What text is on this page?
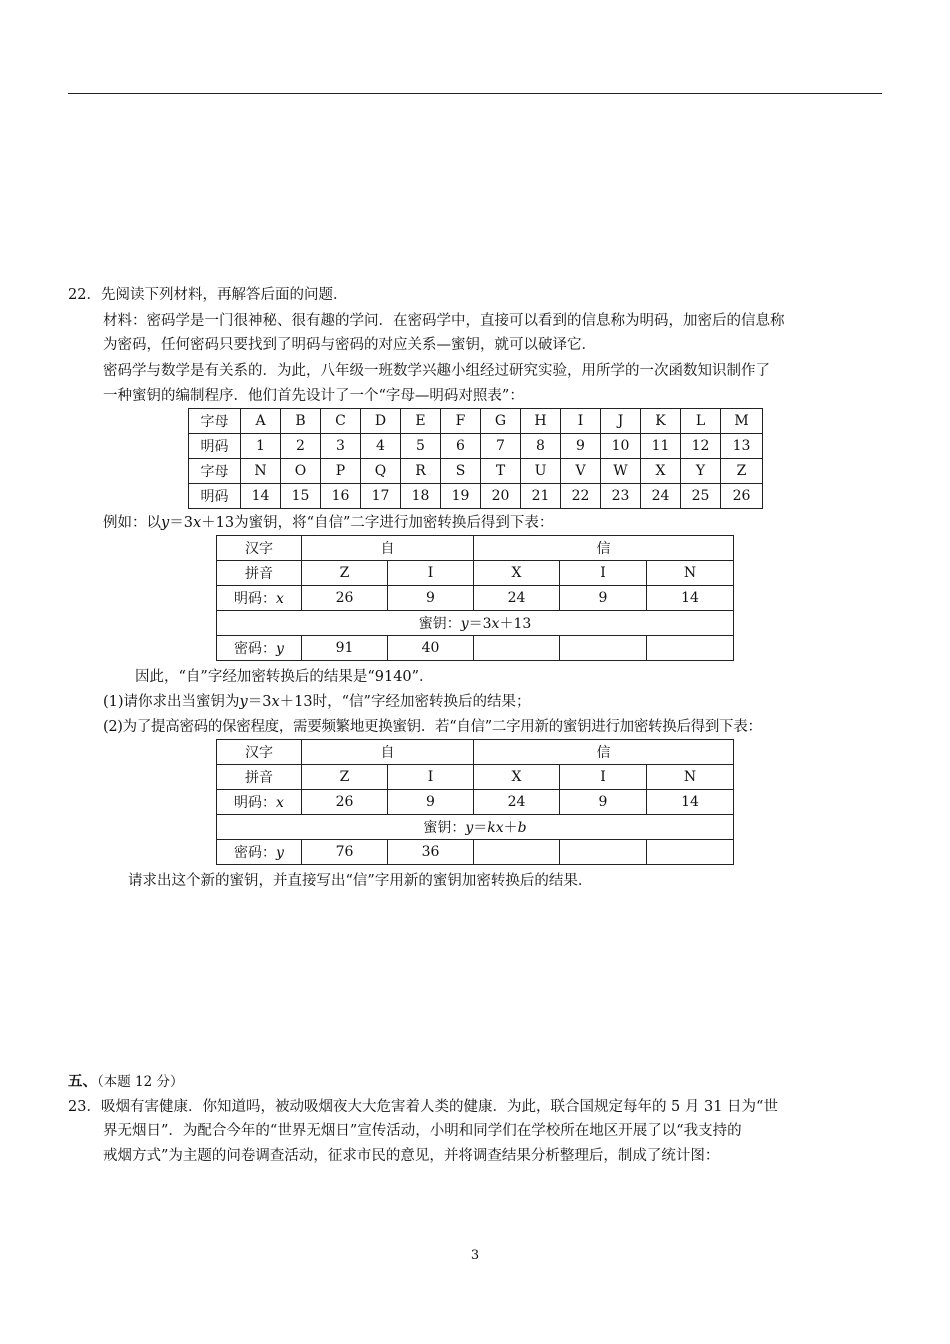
22．先阅读下列材料，再解答后面的问题．
材料：密码学是一门很神秘、很有趣的学问．在密码学中，直接可以看到的信息称为明码，加密后的信息称
为密码，任何密码只要找到了明码与密码的对应关系—蜜钥，就可以破译它．
密码学与数学是有关系的．为此，八年级一班数学兴趣小组经过研究实验，用所学的一次函数知识制作了
一种蜜钥的编制程序．他们首先设计了一个“字母—明码对照表”：
字母	A	B	C	D	E	F	G	H	I	J	K	L	M
明码	1	2	3	4	5	6	7	8	9	10	11	12	13
字母	N	O	P	Q	R	S	T	U	V	W	X	Y	Z
明码	14	15	16	17	18	19	20	21	22	23	24	25	26
例如：以y＝3x＋13为蜜钥，将“自信”二字进行加密转换后得到下表：
汉字	自		信		
拼音	Z	I	X	I	N
明码：x	26	9	24	9	14
蜜钥：y＝3x＋13					
密码：y	91	40			
因此，“自”字经加密转换后的结果是“9140”．
(1)请你求出当蜜钥为y＝3x＋13时，“信”字经加密转换后的结果；
(2)为了提高密码的保密程度，需要频繁地更换蜜钥．若“自信”二字用新的蜜钥进行加密转换后得到下表：
汉字	自		信		
拼音	Z	I	X	I	N
明码：x	26	9	24	9	14
蜜钥：y＝kx＋b					
密码：y	76	36			
请求出这个新的蜜钥，并直接写出“信”字用新的蜜钥加密转换后的结果．
五、（本题 12 分）
23．吸烟有害健康．你知道吗，被动吸烟夜大大危害着人类的健康．为此，联合国规定每年的 5 月 31 日为“世
界无烟日”．为配合今年的“世界无烟日”宣传活动，小明和同学们在学校所在地区开展了以“我支持的
戒烟方式”为主题的问卷调查活动，征求市民的意见，并将调查结果分析整理后，制成了统计图：
3
